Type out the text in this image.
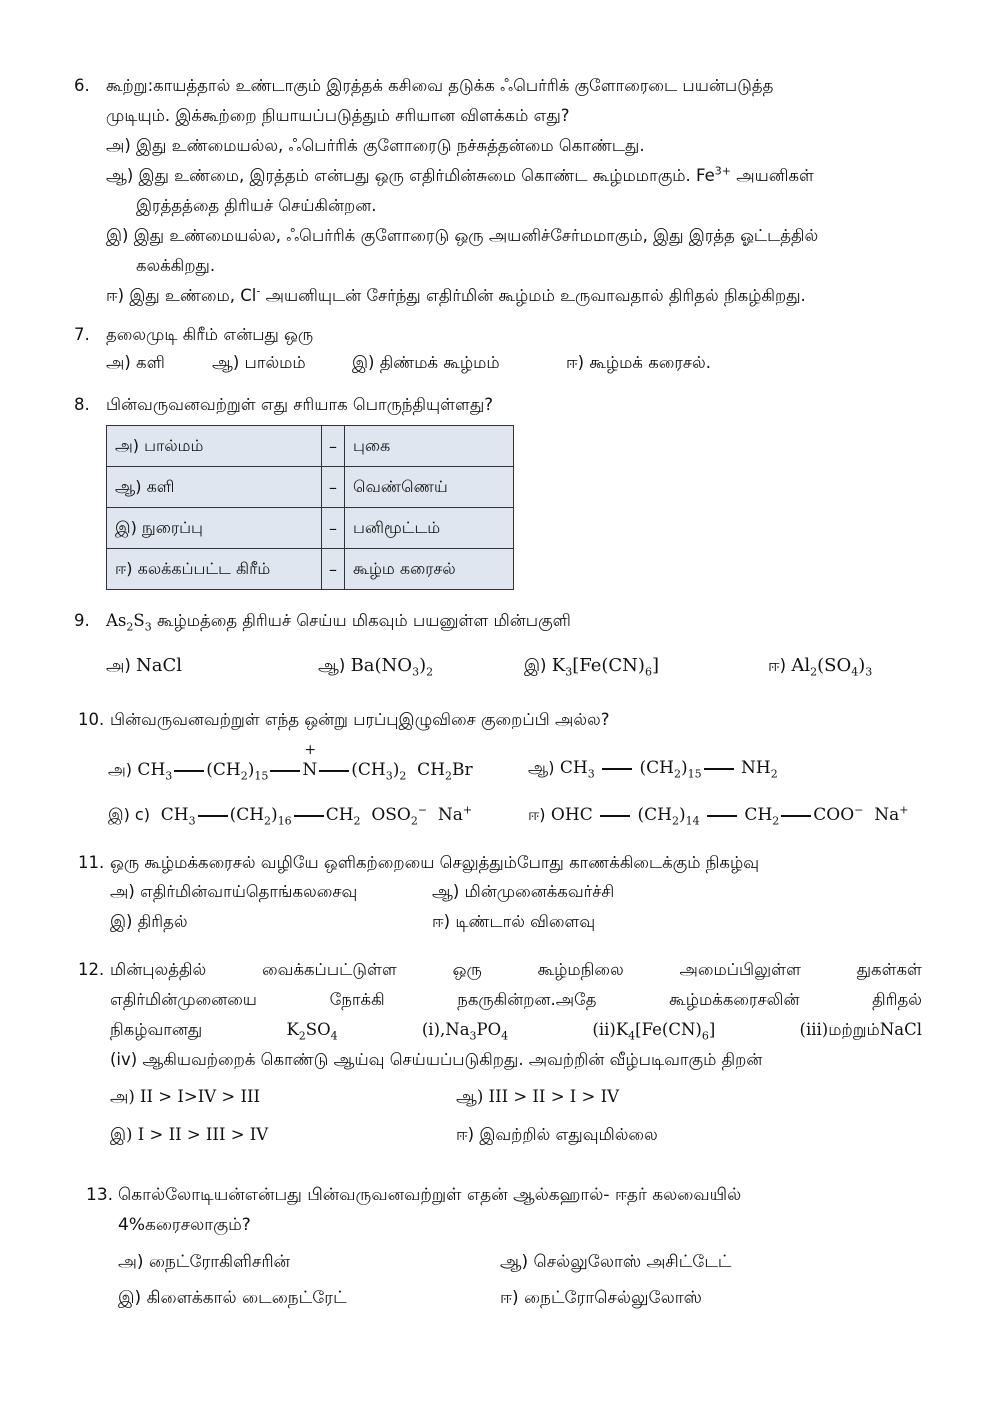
6. கூற்று:காயத்தால் உண்டாகும் இரத்தக் கசிவை தடுக்க ஃபெர்ரிக் குளோரைடை பயன்படுத்த
முடியும். இக்கூற்றை நியாயப்படுத்தும் சரியான விளக்கம் எது?
அ) இது உண்மையல்ல, ஃபெர்ரிக் குளோரைடு நச்சுத்தன்மை கொண்டது.
ஆ) இது உண்மை, இரத்தம் என்பது ஒரு எதிர்மின்சுமை கொண்ட கூழ்மமாகும். $Fe^{3+}$ அயனிகள்
இரத்தத்தை திரியச் செய்கின்றன.
இ) இது உண்மையல்ல, ஃபெர்ரிக் குளோரைடு ஒரு அயனிச்சேர்மமாகும், இது இரத்த ஓட்டத்தில்
கலக்கிறது.
ஈ) இது உண்மை, Cl- அயனியுடன் சேர்ந்து எதிர்மின் கூழ்மம் உருவாவதால் திரிதல் நிகழ்கிறது.
7. தலைமுடி கிரீம் என்பது ஒரு
அ) களி	ஆ) பால்மம்	இ) திண்மக் கூழ்மம்	ஈ) கூழ்மக் கரைசல்.
8. பின்வருவனவற்றுள் எது சரியாக பொருந்தியுள்ளது?
அ) பால்மம்	–	புகை
ஆ) களி	–	வெண்ணெய்
இ) நுரைப்பு	–	பனிமூட்டம்
ஈ) கலக்கப்பட்ட கிரீம்	–	கூழ்ம கரைசல்
9. $As_2S_3$ கூழ்மத்தை திரியச் செய்ய மிகவும் பயனுள்ள மின்பகுளி
அ) NaCl	ஆ) $Ba(NO_3)_2$	இ) $K_3[Fe(CN)_6]$	ஈ) $Al_2(SO_4)_3$
10. பின்வருவனவற்றுள் எந்த ஒன்று பரப்புஇழுவிசை குறைப்பி அல்ல?
அ) $CH_3$ $(CH_2)_{15}$ N
+
$(CH_3)_2$  $CH_2Br$	ஆ) $CH_3$  $(CH_2)_{15}$ $NH_2$
இ) c)  $CH_3$ $(CH_2)_{16}$ $CH_2$  $OSO_2^-$  Na+	ஈ) OHC  $(CH_2)_{14}$  $CH_2$ COO−  Na+
11. ஒரு கூழ்மக்கரைசல் வழியே ஒளிகற்றையை செலுத்தும்போது காணக்கிடைக்கும் நிகழ்வு
அ) எதிர்மின்வாய்தொங்கலசைவு	ஆ) மின்முனைக்கவர்ச்சி
இ) திரிதல்	ஈ) டிண்டால் விளைவு
12. மின்புலத்தில்	வைக்கப்பட்டுள்ள	ஒரு	கூழ்மநிலை	அமைப்பிலுள்ள	துகள்கள்
எதிர்மின்முனையை	நோக்கி	நகருகின்றன.அதே	கூழ்மக்கரைசலின்	திரிதல்
நிகழ்வானது	$K_2SO_4$	$(i),Na_3PO_4$	$(ii)K_4[Fe(CN)_6]$	(iii)மற்றும்NaCl
(iv) ஆகியவற்றைக் கொண்டு ஆய்வு செய்யப்படுகிறது. அவற்றின் வீழ்படிவாகும் திறன்
அ) II > I>IV > III	ஆ) III > II > I > IV
இ) I > II > III > IV	ஈ) இவற்றில் எதுவுமில்லை
13. கொல்லோடியன்என்பது பின்வருவனவற்றுள் எதன் ஆல்கஹால்- ஈதர் கலவையில்
4%கரைசலாகும்?
அ) நைட்ரோகிளிசரின்	ஆ) செல்லுலோஸ் அசிட்டேட்
இ) கிளைக்கால் டைநைட்ரேட்	ஈ) நைட்ரோசெல்லுலோஸ்
